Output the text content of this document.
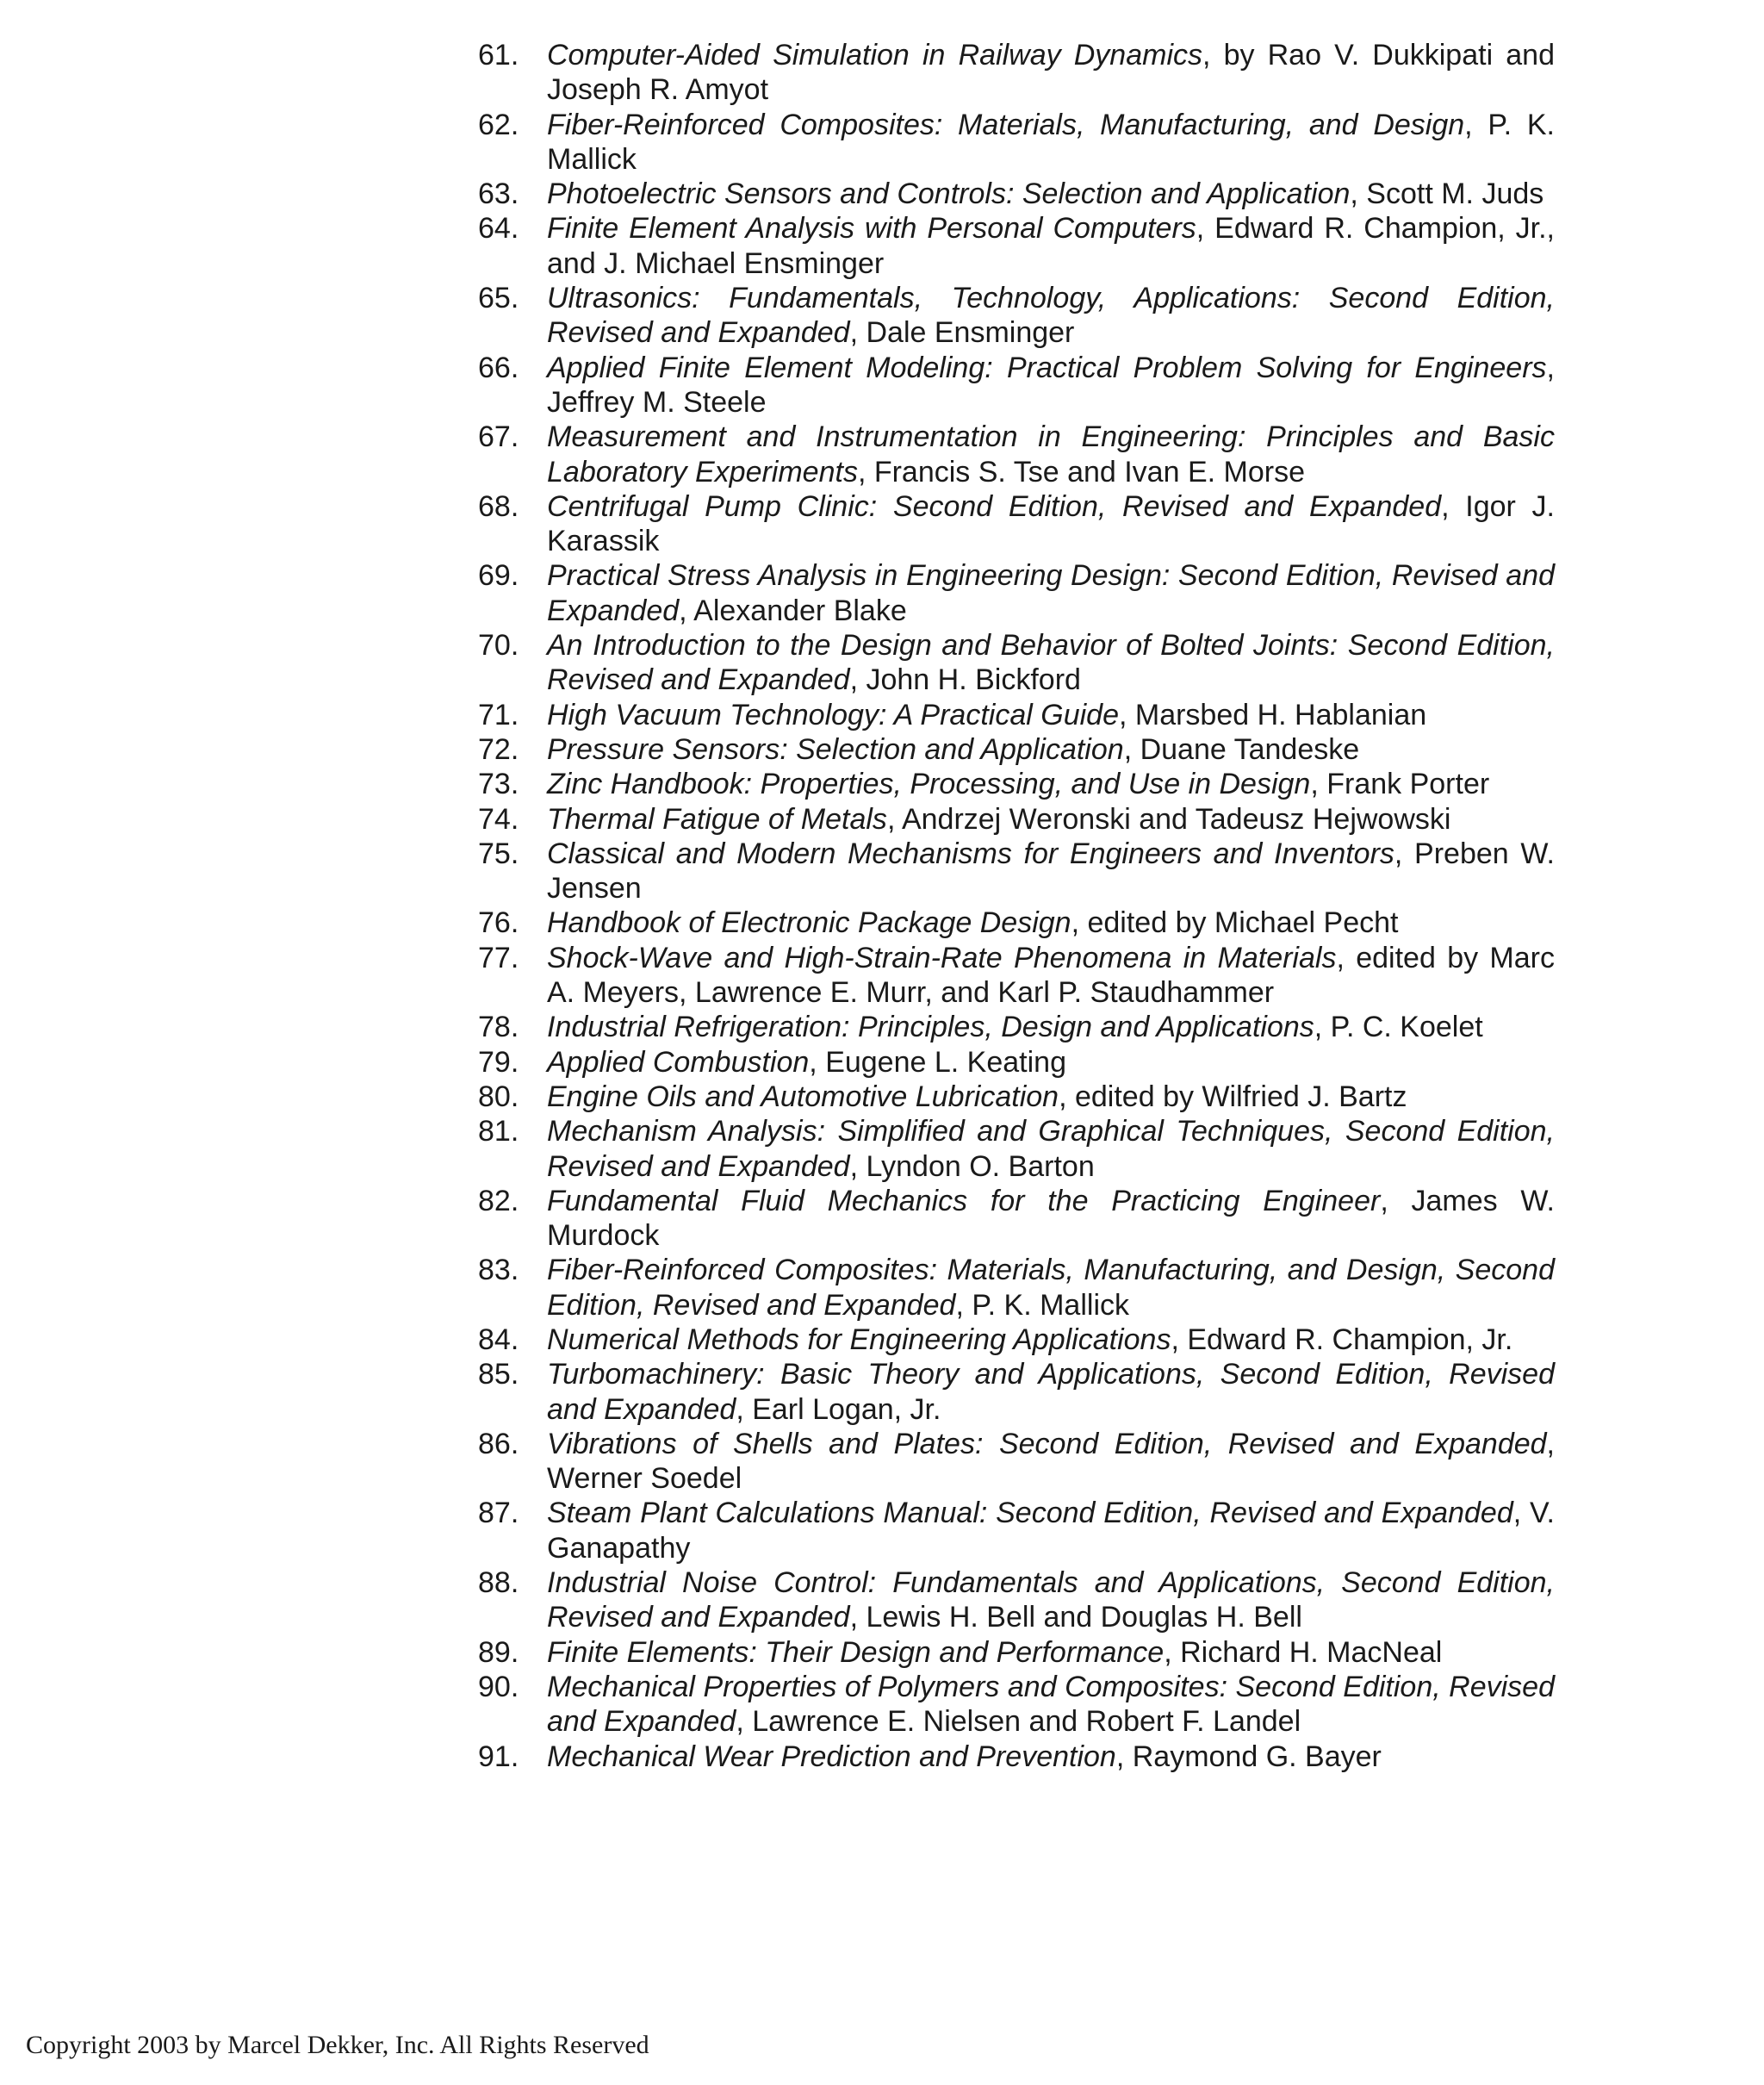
61. Computer-Aided Simulation in Railway Dynamics, by Rao V. Dukkipati and Joseph R. Amyot
62. Fiber-Reinforced Composites: Materials, Manufacturing, and Design, P. K. Mallick
63. Photoelectric Sensors and Controls: Selection and Application, Scott M. Juds
64. Finite Element Analysis with Personal Computers, Edward R. Champion, Jr., and J. Michael Ensminger
65. Ultrasonics: Fundamentals, Technology, Applications: Second Edition, Revised and Expanded, Dale Ensminger
66. Applied Finite Element Modeling: Practical Problem Solving for Engineers, Jeffrey M. Steele
67. Measurement and Instrumentation in Engineering: Principles and Basic Laboratory Experiments, Francis S. Tse and Ivan E. Morse
68. Centrifugal Pump Clinic: Second Edition, Revised and Expanded, Igor J. Karassik
69. Practical Stress Analysis in Engineering Design: Second Edition, Revised and Expanded, Alexander Blake
70. An Introduction to the Design and Behavior of Bolted Joints: Second Edition, Revised and Expanded, John H. Bickford
71. High Vacuum Technology: A Practical Guide, Marsbed H. Hablanian
72. Pressure Sensors: Selection and Application, Duane Tandeske
73. Zinc Handbook: Properties, Processing, and Use in Design, Frank Porter
74. Thermal Fatigue of Metals, Andrzej Weronski and Tadeusz Hejwowski
75. Classical and Modern Mechanisms for Engineers and Inventors, Preben W. Jensen
76. Handbook of Electronic Package Design, edited by Michael Pecht
77. Shock-Wave and High-Strain-Rate Phenomena in Materials, edited by Marc A. Meyers, Lawrence E. Murr, and Karl P. Staudhammer
78. Industrial Refrigeration: Principles, Design and Applications, P. C. Koelet
79. Applied Combustion, Eugene L. Keating
80. Engine Oils and Automotive Lubrication, edited by Wilfried J. Bartz
81. Mechanism Analysis: Simplified and Graphical Techniques, Second Edition, Revised and Expanded, Lyndon O. Barton
82. Fundamental Fluid Mechanics for the Practicing Engineer, James W. Murdock
83. Fiber-Reinforced Composites: Materials, Manufacturing, and Design, Second Edition, Revised and Expanded, P. K. Mallick
84. Numerical Methods for Engineering Applications, Edward R. Champion, Jr.
85. Turbomachinery: Basic Theory and Applications, Second Edition, Revised and Expanded, Earl Logan, Jr.
86. Vibrations of Shells and Plates: Second Edition, Revised and Expanded, Werner Soedel
87. Steam Plant Calculations Manual: Second Edition, Revised and Expanded, V. Ganapathy
88. Industrial Noise Control: Fundamentals and Applications, Second Edition, Revised and Expanded, Lewis H. Bell and Douglas H. Bell
89. Finite Elements: Their Design and Performance, Richard H. MacNeal
90. Mechanical Properties of Polymers and Composites: Second Edition, Revised and Expanded, Lawrence E. Nielsen and Robert F. Landel
91. Mechanical Wear Prediction and Prevention, Raymond G. Bayer
Copyright 2003 by Marcel Dekker, Inc. All Rights Reserved
